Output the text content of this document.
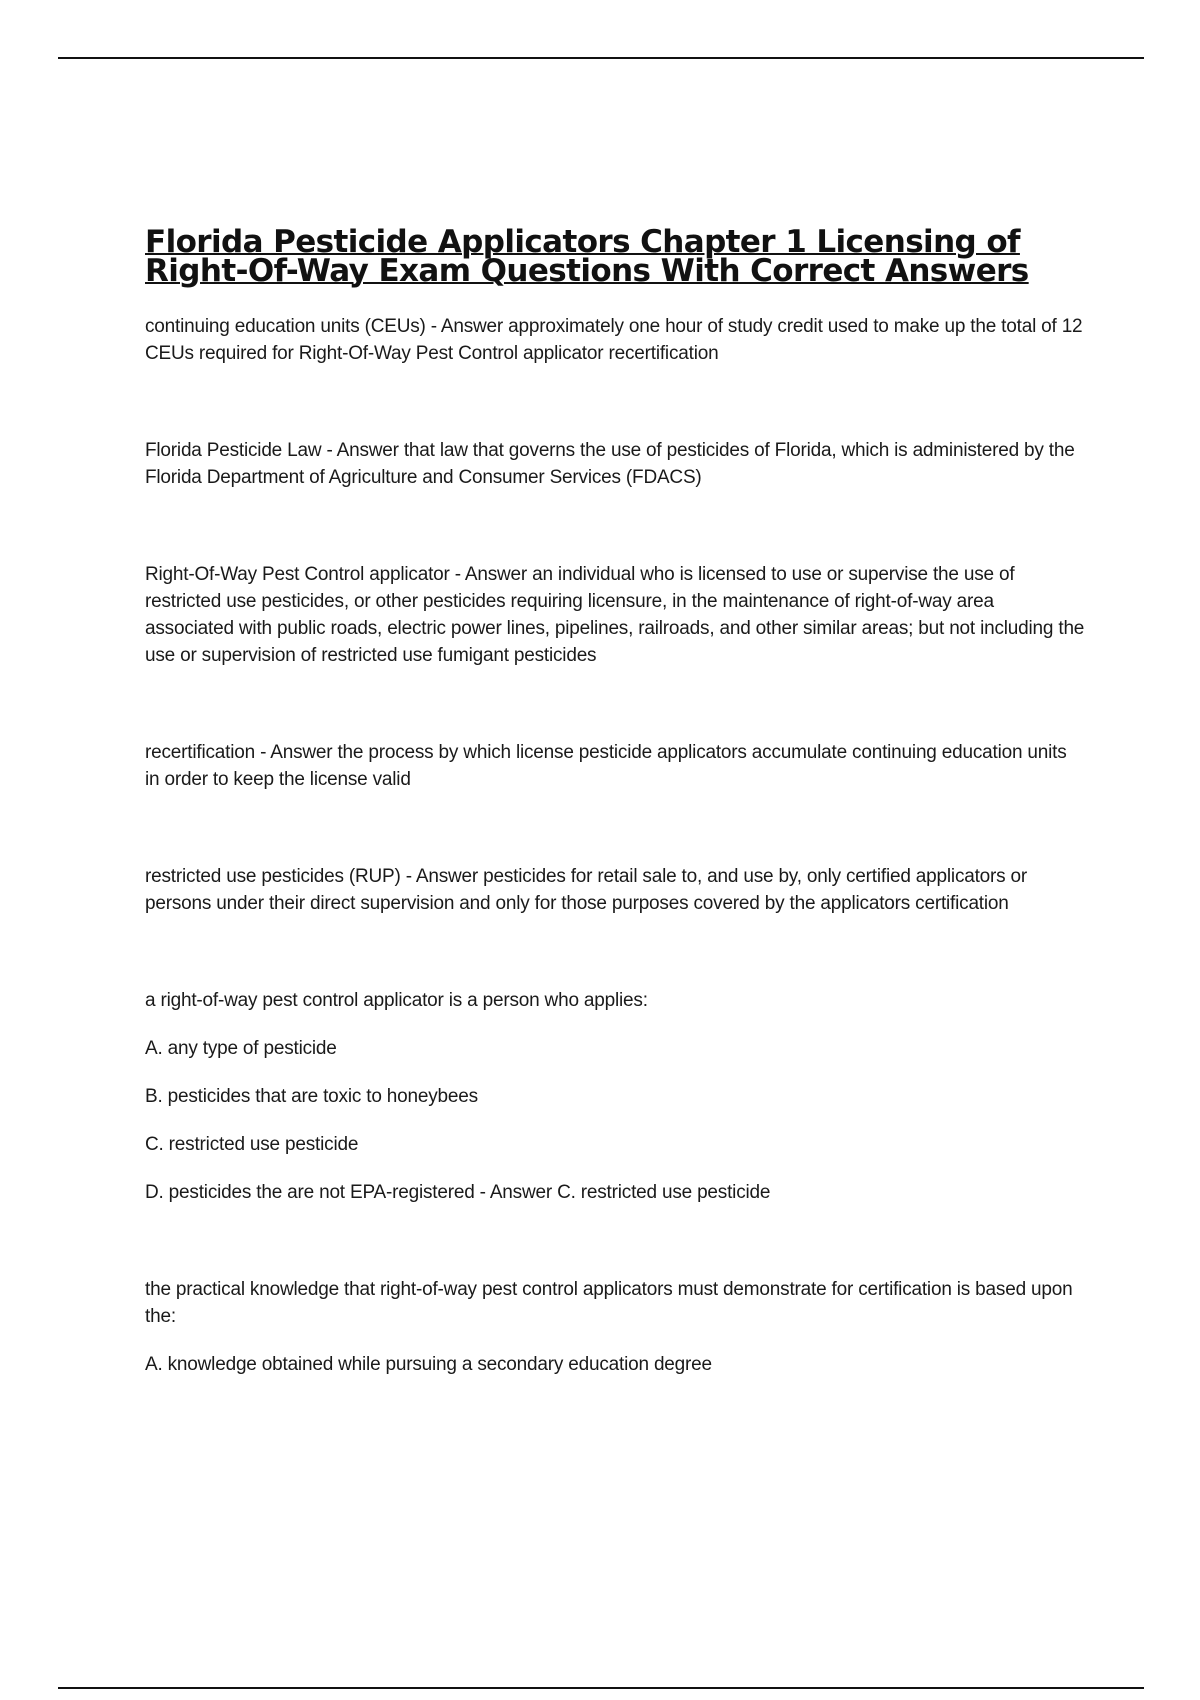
Florida Pesticide Applicators Chapter 1 Licensing of
Right-Of-Way Exam Questions With Correct Answers

continuing education units (CEUs) - Answer approximately one hour of study credit used to make up the total of 12 CEUs required for Right-Of-Way Pest Control applicator recertification

Florida Pesticide Law - Answer that law that governs the use of pesticides of Florida, which is administered by the Florida Department of Agriculture and Consumer Services (FDACS)

Right-Of-Way Pest Control applicator - Answer an individual who is licensed to use or supervise the use of restricted use pesticides, or other pesticides requiring licensure, in the maintenance of right-of-way area associated with public roads, electric power lines, pipelines, railroads, and other similar areas; but not including the use or supervision of restricted use fumigant pesticides

recertification - Answer the process by which license pesticide applicators accumulate continuing education units in order to keep the license valid

restricted use pesticides (RUP) - Answer pesticides for retail sale to, and use by, only certified applicators or persons under their direct supervision and only for those purposes covered by the applicators certification

a right-of-way pest control applicator is a person who applies:

A. any type of pesticide

B. pesticides that are toxic to honeybees

C. restricted use pesticide

D. pesticides the are not EPA-registered - Answer C. restricted use pesticide

the practical knowledge that right-of-way pest control applicators must demonstrate for certification is based upon the:

A. knowledge obtained while pursuing a secondary education degree
